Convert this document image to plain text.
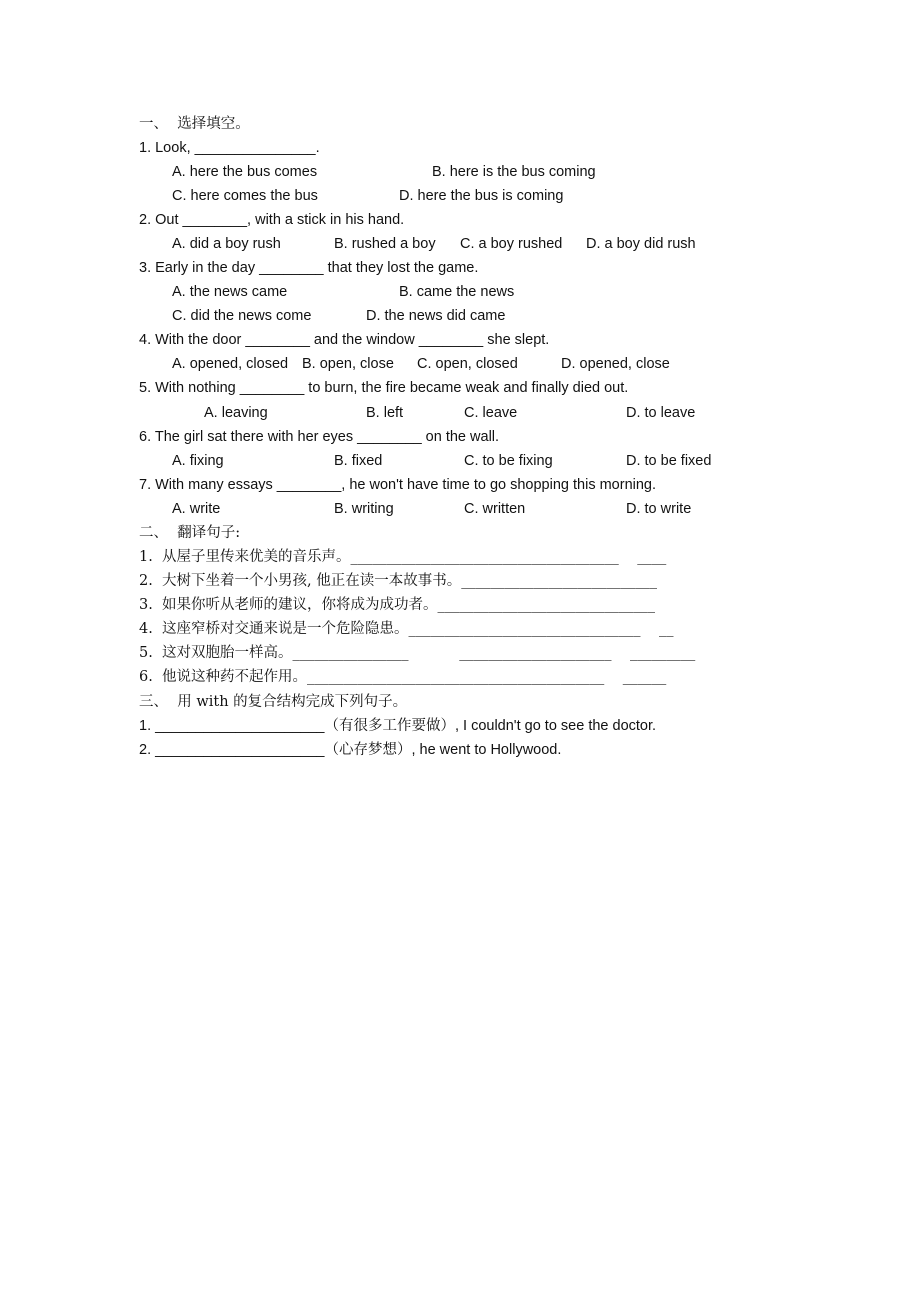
一、  选择填空。
1. Look, _______________.
A. here the bus comes	B. here is the bus coming
C. here comes the bus	D. here the bus is coming
2. Out ________, with a stick in his hand.
A. did a boy rush	B. rushed a boy C. a boy rushed D. a boy did rush
3. Early in the day ________ that they lost the game.
A. the news came	B. came the news
C. did the news come	D. the news did came
4. With the door ________ and the window ________ she slept.
A. opened, closed B. open, close C. open, closed	D. opened, close
5. With nothing ________ to burn, the fire became weak and finally died out.
A. leaving	B. left	C. leave	D. to leave
6. The girl sat there with her eyes ________ on the wall.
A. fixing	B. fixed	C. to be fixing	D. to be fixed
7. With many essays ________, he won't have time to go shopping this morning.
A. write	B. writing	C. written	D. to write
二、  翻译句子:
1.  从屋子里传来优美的音乐声。_____________________________________    ____
2.  大树下坐着一个小男孩, 他正在读一本故事书。___________________________
3.  如果你听从老师的建议，你将成为成功者。______________________________
4.  这座窄桥对交通来说是一个危险隐患。________________________________    __
5.  这对双胞胎一样高。________________           _____________________    _________
6.  他说这种药不起作用。_________________________________________    ______
三、  用 with 的复合结构完成下列句子。
1. _____________________（有很多工作要做）, I couldn't go to see the doctor.
2. _____________________（心存梦想）, he went to Hollywood.
